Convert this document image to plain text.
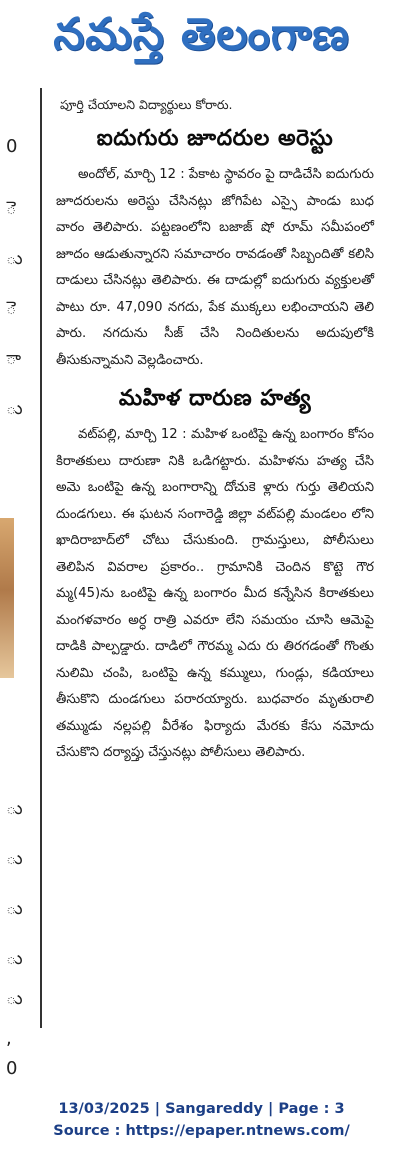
నమస్తే తెలంగాణ
0
ె
ు
ె
ా
ు
ు
ు
ు
ు
ు
,
0

పూర్తి చేయాలని విద్యార్థులు కోరారు.

ఐదుగురు జూదరుల అరెస్టు

అందోల్, మార్చి 12 : పేకాట స్థావరం పై దాడిచేసి ఐదుగురు జూదరులను అరెస్టు చేసినట్లు జోగిపేట ఎస్సై పాండు బుధ వారం తెలిపారు. పట్టణంలోని బజాజ్ షో రూమ్ సమీపంలో జూదం ఆడుతున్నారని సమాచారం రావడంతో సిబ్బందితో కలిసి దాడులు చేసినట్లు తెలిపారు. ఈ దాడుల్లో ఐదుగురు వ్యక్తులతో పాటు రూ. 47,090 నగదు, పేక ముక్కలు లభించాయని తెలి పారు. నగదును సీజ్ చేసి నిందితులను అదుపులోకి తీసుకున్నామని వెల్లడించారు.

మహిళ దారుణ హత్య

వట్‌పల్లి, మార్చి 12 : మహిళ ఒంటిపై ఉన్న బంగారం కోసం కిరాతకులు దారుణా నికి ఒడిగట్టారు. మహిళను హత్య చేసి అమె ఒంటిపై ఉన్న బంగారాన్ని దోచుకె ళ్లారు గుర్తు తెలియని దుండగులు. ఈ ఘటన సంగారెడ్డి జిల్లా వట్‌పల్లి మండలం లోని ఖాదిరాబాద్‌లో చోటు చేసుకుంది. గ్రామస్తులు, పోలీసులు తెలిపిన వివరాల ప్రకారం.. గ్రామానికి చెందిన కొట్టె గౌర మ్మ(45)ను ఒంటిపై ఉన్న బంగారం మీద కన్నేసిన కిరాతకులు మంగళవారం అర్ధ రాత్రి ఎవరూ లేని సమయం చూసి ఆమెపై దాడికి పాల్పడ్డారు. దాడిలో గౌరమ్మ ఎదు రు తిరగడంతో గొంతు నులిమి చంపి, ఒంటిపై ఉన్న కమ్ములు, గుండ్లు, కడియాలు తీసుకొని దుండగులు పరారయ్యారు. బుధవారం మృతురాలి తమ్ముడు నల్లపల్లి వీరేశం ఫిర్యాదు మేరకు కేసు నమోదు చేసుకొని దర్యాప్తు చేస్తునట్లు పోలీసులు తెలిపారు.

13/03/2025 | Sangareddy | Page : 3
Source : https://epaper.ntnews.com/
